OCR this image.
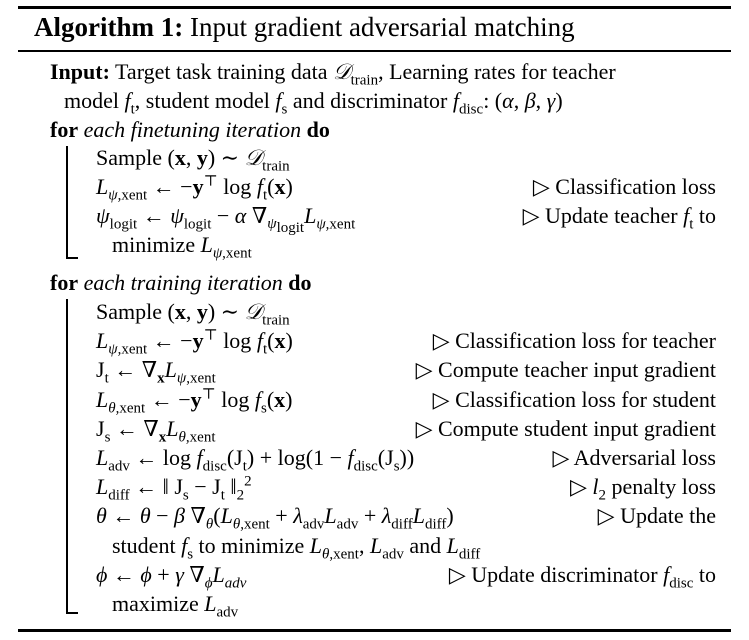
Algorithm 1: Input gradient adversarial matching
Input: Target task training data 𝒟$_{train}$, Learning rates for teacher
model $f_t$, student model $f_s$ and discriminator $f_{disc}$: (α, β, γ)
for each finetuning iteration do
Sample (x, y) ∼ 𝒟$_{train}$
$L_{\psi,xent}$ ← −y⊤ $\log f_t(x)$	▷ Classification loss
$\psi_{logit}$ ← $\psi_{logit} - \alpha$ $\nabla_{\psi_{logit}}L_{\psi,xent}$	▷ Update teacher $f_t$ to
minimize $L_{\psi,xent}$
for each training iteration do
Sample (x, y) ∼ 𝒟$_{train}$
$L_{\psi,xent}$ ← −y⊤ $\log f_t(x)$	▷ Classification loss for teacher
$J_t$ ← $\nabla_xL_{\psi,xent}$	▷ Compute teacher input gradient
$L_{\theta,xent}$ ← −y⊤ $\log f_s(x)$	▷ Classification loss for student
$J_s$ ← $\nabla_xL_{\theta,xent}$	▷ Compute student input gradient
$L_{adv}$ ← $\log f_{disc}(J_t) + \log(1 - f_{disc}(J_s))$	▷ Adversarial loss
$L_{diff}$ ← ‖ $J_s - J_t$ $‖_2^2$	▷ $l_2$ penalty loss
θ ← θ − β $\nabla_\theta(L_{\theta,xent} + \lambda_{adv}L_{adv} + \lambda_{diff}L_{diff})$	▷ Update the
student $f_s$ to minimize $L_{\theta,xent}$, $L_{adv}$ and $L_{diff}$
ϕ ← ϕ + γ $\nabla_\phi L_{adv}$	▷ Update discriminator $f_{disc}$ to
maximize $L_{adv}$
